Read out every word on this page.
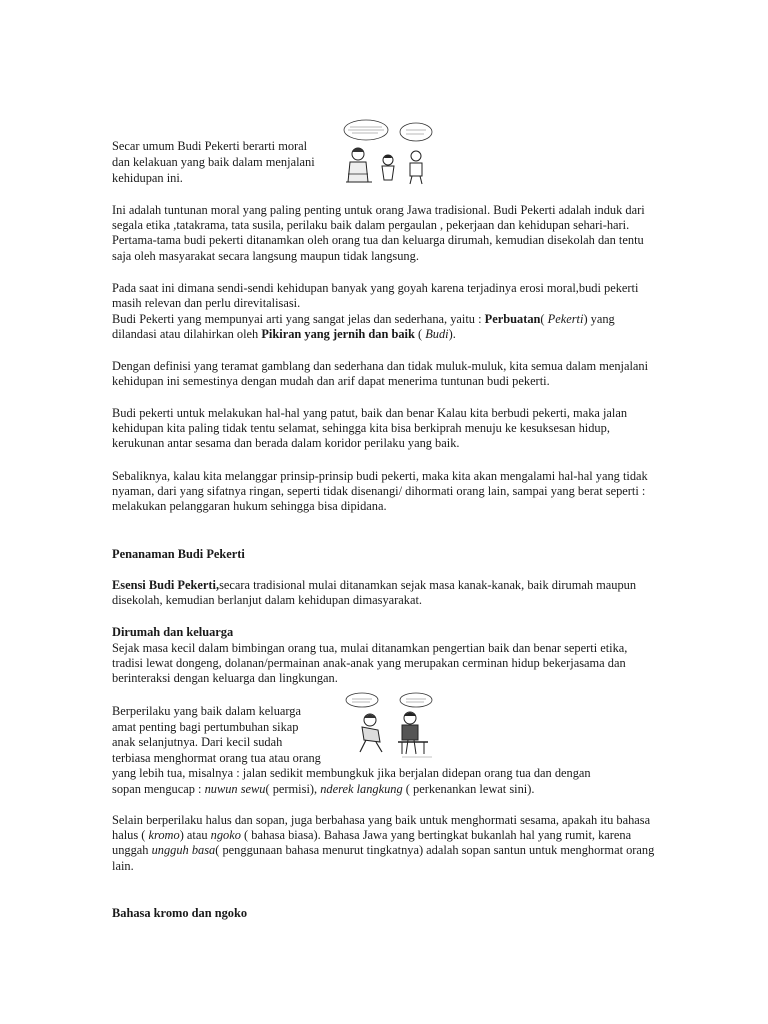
Secar umum Budi Pekerti berarti moral

dan kelakuan yang baik dalam menjalani

kehidupan ini.

Ini adalah tuntunan moral yang paling penting untuk orang Jawa tradisional. Budi Pekerti adalah induk dari segala etika ,tatakrama, tata susila, perilaku baik dalam pergaulan , pekerjaan dan kehidupan sehari-hari. Pertama-tama budi pekerti ditanamkan oleh orang tua dan keluarga dirumah, kemudian disekolah dan tentu saja oleh masyarakat secara langsung maupun tidak langsung.

Pada saat ini dimana sendi-sendi kehidupan banyak yang goyah karena terjadinya erosi moral,budi pekerti masih relevan dan perlu direvitalisasi.

Budi Pekerti yang mempunyai arti yang sangat jelas dan sederhana, yaitu : Perbuatan( Pekerti) yang dilandasi atau dilahirkan oleh Pikiran yang jernih dan baik ( Budi).

Dengan definisi yang teramat gamblang dan sederhana dan tidak muluk-muluk, kita semua dalam menjalani kehidupan ini semestinya dengan mudah dan arif dapat menerima tuntunan budi pekerti.

Budi pekerti untuk melakukan hal-hal yang patut, baik dan benar Kalau kita berbudi pekerti, maka jalan kehidupan kita paling tidak tentu selamat, sehingga kita bisa berkiprah menuju ke kesuksesan hidup, kerukunan antar sesama dan berada dalam koridor perilaku yang baik.

Sebaliknya, kalau kita melanggar prinsip-prinsip budi pekerti, maka kita akan mengalami hal-hal yang tidak nyaman, dari yang sifatnya ringan, seperti tidak disenangi/ dihormati orang lain, sampai yang berat seperti : melakukan pelanggaran hukum sehingga bisa dipidana.

Penanaman Budi Pekerti

Esensi Budi Pekerti,secara tradisional mulai ditanamkan sejak masa kanak-kanak, baik dirumah maupun disekolah, kemudian berlanjut dalam kehidupan dimasyarakat.

Dirumah dan keluarga

Sejak masa kecil dalam bimbingan orang tua, mulai ditanamkan pengertian baik dan benar seperti etika, tradisi lewat dongeng, dolanan/permainan anak-anak yang merupakan cerminan hidup bekerjasama dan berinteraksi dengan keluarga dan lingkungan.

Berperilaku yang baik dalam keluarga

amat penting bagi pertumbuhan sikap

anak selanjutnya. Dari kecil sudah

terbiasa menghormat orang tua atau orang

yang lebih tua, misalnya : jalan sedikit membungkuk jika berjalan didepan orang tua dan dengan

sopan mengucap : nuwun sewu( permisi), nderek langkung ( perkenankan lewat sini).

Selain berperilaku halus dan sopan, juga berbahasa yang baik untuk menghormati sesama, apakah itu bahasa halus ( kromo) atau ngoko ( bahasa biasa). Bahasa Jawa yang bertingkat bukanlah hal yang rumit, karena unggah ungguh basa( penggunaan bahasa menurut tingkatnya) adalah sopan santun untuk menghormat orang lain.

Bahasa kromo dan ngoko
